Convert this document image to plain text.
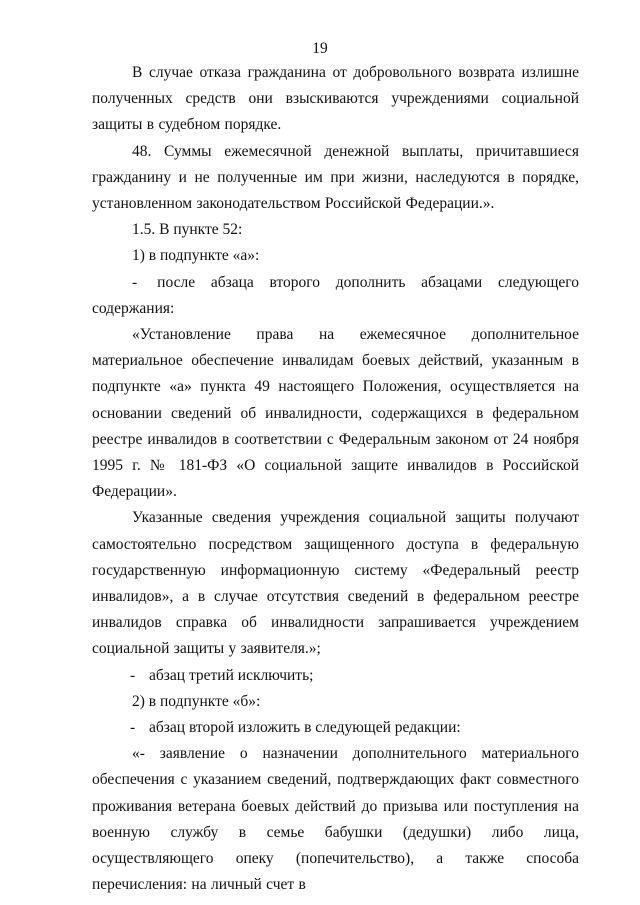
19

В случае отказа гражданина от добровольного возврата излишне полученных средств они взыскиваются учреждениями социальной защиты в судебном порядке.

48. Суммы ежемесячной денежной выплаты, причитавшиеся гражданину и не полученные им при жизни, наследуются в порядке, установленном законодательством Российской Федерации.».

1.5. В пункте 52:

1) в подпункте «а»:

- после абзаца второго дополнить абзацами следующего содержания:

«Установление права на ежемесячное дополнительное материальное обеспечение инвалидам боевых действий, указанным в подпункте «а» пункта 49 настоящего Положения, осуществляется на основании сведений об инвалидности, содержащихся в федеральном реестре инвалидов в соответствии с Федеральным законом от 24 ноября 1995 г. № 181-ФЗ «О социальной защите инвалидов в Российской Федерации».

Указанные сведения учреждения социальной защиты получают самостоятельно посредством защищенного доступа в федеральную государственную информационную систему «Федеральный реестр инвалидов», а в случае отсутствия сведений в федеральном реестре инвалидов справка об инвалидности запрашивается учреждением социальной защиты у заявителя.»;

- абзац третий исключить;

2) в подпункте «б»:

- абзац второй изложить в следующей редакции:

«- заявление о назначении дополнительного материального обеспечения с указанием сведений, подтверждающих факт совместного проживания ветерана боевых действий до призыва или поступления на военную службу в семье бабушки (дедушки) либо лица, осуществляющего опеку (попечительство), а также способа перечисления: на личный счет в
